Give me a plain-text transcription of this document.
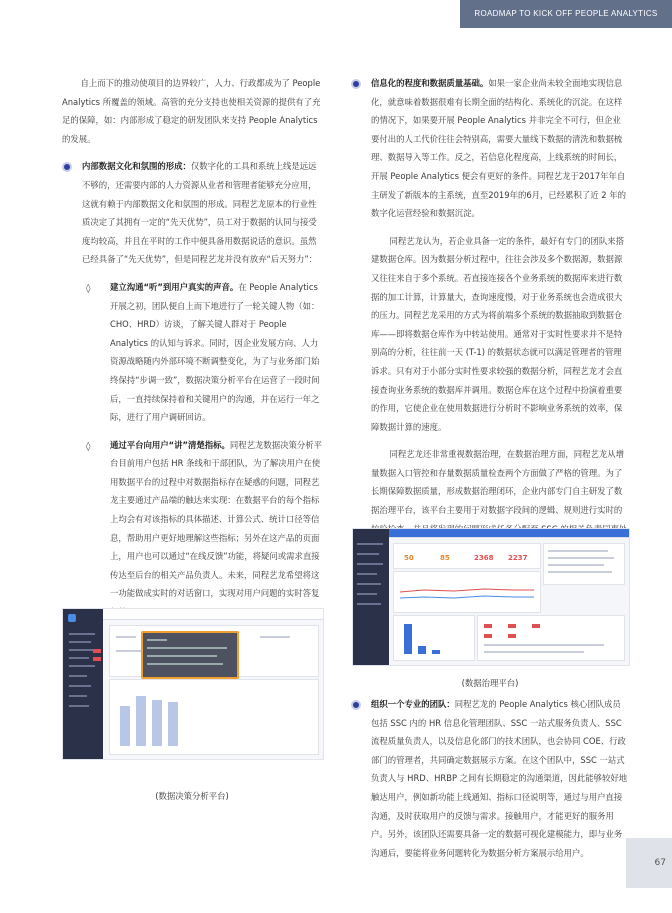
ROADMAP TO KICK OFF PEOPLE ANALYTICS

自上而下的推动使项目的边界较广，人力、行政都成为了 People Analytics 所覆盖的领域。高管的充分支持也使相关资源的提供有了充足的保障，如：内部形成了稳定的研发团队来支持 People Analytics 的发展。

内部数据文化和氛围的形成：仅数字化的工具和系统上线是远远不够的，还需要内部的人力资源从业者和管理者能够充分应用，这就有赖于内部数据文化和氛围的形成。同程艺龙原本的行业性质决定了其拥有一定的“先天优势”，员工对于数据的认同与接受度均较高，并且在平时的工作中便具备用数据说话的意识。虽然已经具备了“先天优势”，但是同程艺龙并没有放弃“后天努力”：
◊ 建立沟通“听”到用户真实的声音。在 People Analytics 开展之初，团队便自上而下地进行了一轮关键人物（如：CHO、HRD）访谈，了解关键人群对于 People Analytics 的认知与诉求。同时，因企业发展方向、人力资源战略随内外部环境不断调整变化，为了与业务部门始终保持“步调一致”，数据决策分析平台在运营了一段时间后，一直持续保持着和关键用户的沟通，并在运行一年之际，进行了用户调研回访。
◊ 通过平台向用户“讲”清楚指标。同程艺龙数据决策分析平台目前用户包括 HR 条线和干部团队，为了解决用户在使用数据平台的过程中对数据指标存在疑惑的问题，同程艺龙主要通过产品端的触达来实现：在数据平台的每个指标上均会有对该指标的具体描述、计算公式、统计口径等信息，帮助用户更好地理解这些指标；另外在这产品的页面上，用户也可以通过“在线反馈”功能，将疑问或需求直接传达至后台的相关产品负责人。未来，同程艺龙希望将这一功能做成实时的对话窗口，实现对用户问题的实时答复
(数据决策分析平台)
信息化的程度和数据质量基础。如果一家企业尚未较全面地实现信息化，就意味着数据很难有长期全面的结构化、系统化的沉淀。在这样的情况下，如果要开展 People Analytics 并非完全不可行，但企业要付出的人工代价往往会特别高，需要大量线下数据的清洗和数据梳理、数据导入等工作。反之，若信息化程度高，上线系统的时间长，开展 People Analytics 便会有更好的条件。同程艺龙于2017年年自主研发了新版本的主系统，直至2019年的6月，已经累积了近 2 年的数字化运营经验和数据沉淀。

同程艺龙认为，若企业具备一定的条件，最好有专门的团队来搭建数据仓库。因为数据分析过程中，往往会涉及多个数据源，数据源又往往来自于多个系统。若直接连接各个业务系统的数据库来进行数据的加工计算，计算量大，查询速度慢，对于业务系统也会造成很大的压力。同程艺龙采用的方式为将前端多个系统的数据抽取到数据仓库——即将数据仓库作为中转站使用。通常对于实时性要求并不是特别高的分析，往往前一天 (T-1) 的数据状态就可以满足管理者的管理诉求。只有对于小部分实时性要求较强的数据分析，同程艺龙才会直接查询业务系统的数据库并调用。数据仓库在这个过程中扮演着重要的作用，它使企业在使用数据进行分析时不影响业务系统的效率，保障数据计算的速度。

同程艺龙还非常重视数据治理，在数据治理方面，同程艺龙从增量数据入口管控和存量数据质量检查两个方面做了严格的管理。为了长期保障数据质量，形成数据治理闭环，企业内部专门自主研发了数据治理平台，该平台主要用于对数据字段间的逻辑、规则进行实时的

50	85	2368 2237
(数据治理平台)
组织一个专业的团队：同程艺龙的 People Analytics 核心团队成员包括 SSC 内的 HR 信息化管理团队、SSC 一站式服务负责人、SSC 流程质量负责人，以及信息化部门的技术团队，也会协同 COE、行政部门的管理者，共同确定数据展示方案。在这个团队中，SSC 一站式负责人与 HRD、HRBP 之间有长期稳定的沟通渠道，因此能够较好地触达用户，例如新功能上线通知、指标口径说明等，通过与用户直接沟通，及时获取用户的反馈与需求。接触用户，才能更好的服务用户。另外，该团队还需要具备一定的数据可视化建模能力，即与业务沟通后，要能将业务问题转化为数据分析方案展示给用户。
67
